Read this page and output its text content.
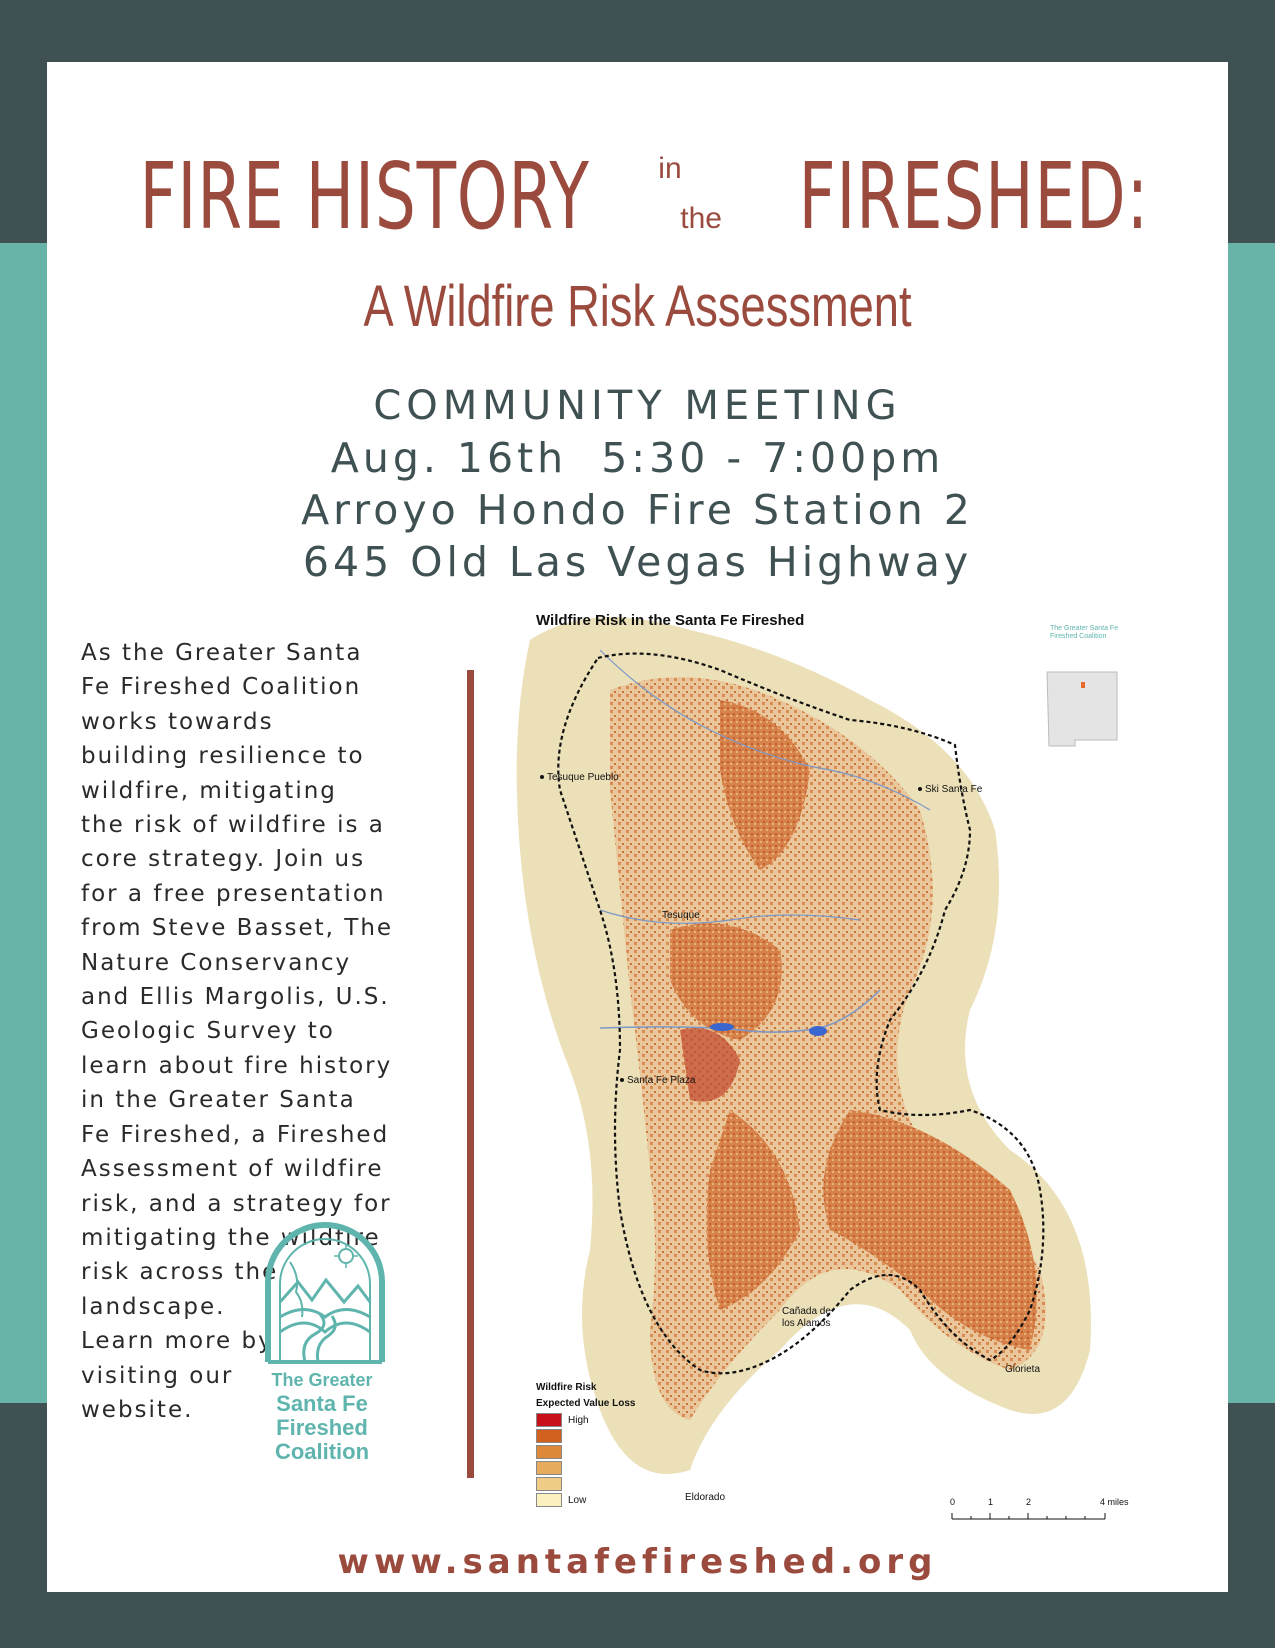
FIRE HISTORY in
the FIRESHED:
A Wildfire Risk Assessment
COMMUNITY MEETING
Aug. 16th  5:30 - 7:00pm
Arroyo Hondo Fire Station 2
645 Old Las Vegas Highway
As the Greater Santa
Fe Fireshed Coalition
works towards
building resilience to
wildfire, mitigating
the risk of wildfire is a
core strategy. Join us
for a free presentation
from Steve Basset, The
Nature Conservancy
and Ellis Margolis, U.S.
Geologic Survey to
learn about fire history
in the Greater Santa
Fe Fireshed, a Fireshed
Assessment of wildfire
risk, and a strategy for
mitigating the wildfire
risk across the
landscape.
Learn more by
visiting our
website.
The Greater
Santa Fe
Fireshed
Coalition
Wildfire Risk in the Santa Fe Fireshed	The Greater Santa Fe
Fireshed Coalition
Tesuque Pueblo
Ski Santa Fe
Tesuque
Santa Fe Plaza
Cañada de
los Alamos
Glorieta
Eldorado
Wildfire Risk
Expected Value Loss
High
Low	0	1	2	4 miles
www.santafefireshed.org
